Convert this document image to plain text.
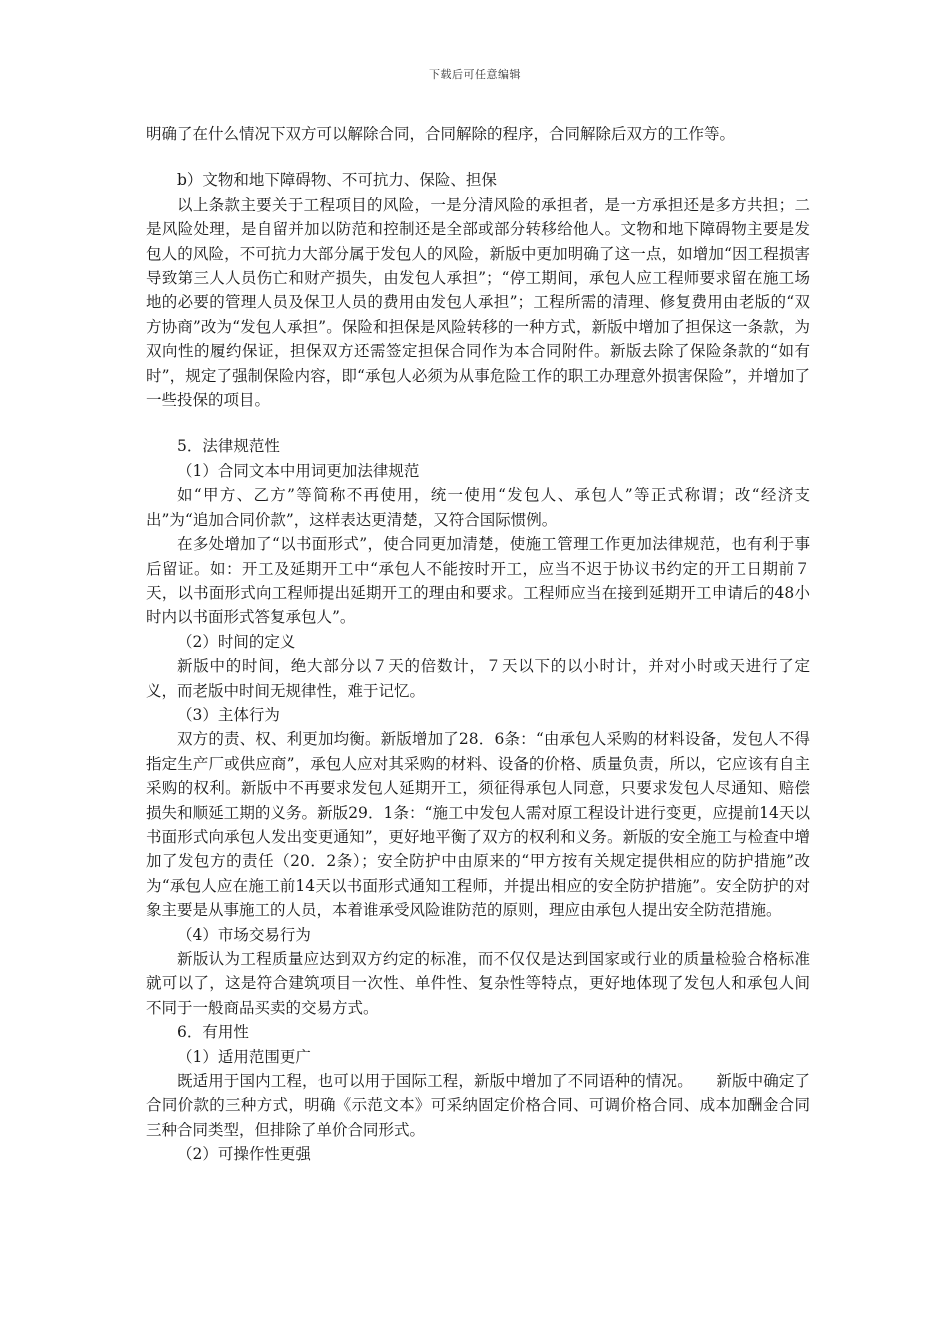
下载后可任意编辑

明确了在什么情况下双方可以解除合同，合同解除的程序，合同解除后双方的工作等。

b）文物和地下障碍物、不可抗力、保险、担保

以上条款主要关于工程项目的风险，一是分清风险的承担者，是一方承担还是多方共担；二是风险处理，是自留并加以防范和控制还是全部或部分转移给他人。文物和地下障碍物主要是发包人的风险，不可抗力大部分属于发包人的风险，新版中更加明确了这一点，如增加“因工程损害导致第三人人员伤亡和财产损失，由发包人承担”；“停工期间，承包人应工程师要求留在施工场地的必要的管理人员及保卫人员的费用由发包人承担”；工程所需的清理、修复费用由老版的“双方协商”改为“发包人承担”。保险和担保是风险转移的一种方式，新版中增加了担保这一条款，为双向性的履约保证，担保双方还需签定担保合同作为本合同附件。新版去除了保险条款的“如有时”，规定了强制保险内容，即“承包人必须为从事危险工作的职工办理意外损害保险”，并增加了一些投保的项目。

5．法律规范性

（1）合同文本中用词更加法律规范

如“甲方、乙方”等简称不再使用，统一使用“发包人、承包人”等正式称谓；改“经济支出”为“追加合同价款”，这样表达更清楚，又符合国际惯例。

在多处增加了“以书面形式”，使合同更加清楚，使施工管理工作更加法律规范，也有利于事后留证。如：开工及延期开工中“承包人不能按时开工，应当不迟于协议书约定的开工日期前７天，以书面形式向工程师提出延期开工的理由和要求。工程师应当在接到延期开工申请后的48小时内以书面形式答复承包人”。

（2）时间的定义

新版中的时间，绝大部分以７天的倍数计，７天以下的以小时计，并对小时或天进行了定义，而老版中时间无规律性，难于记忆。

（3）主体行为

双方的责、权、利更加均衡。新版增加了28．6条：“由承包人采购的材料设备，发包人不得指定生产厂或供应商”，承包人应对其采购的材料、设备的价格、质量负责，所以，它应该有自主采购的权利。新版中不再要求发包人延期开工，须征得承包人同意，只要求发包人尽通知、赔偿损失和顺延工期的义务。新版29．1条：“施工中发包人需对原工程设计进行变更，应提前14天以书面形式向承包人发出变更通知”，更好地平衡了双方的权利和义务。新版的安全施工与检查中增加了发包方的责任（20．2条）；安全防护中由原来的“甲方按有关规定提供相应的防护措施”改为“承包人应在施工前14天以书面形式通知工程师，并提出相应的安全防护措施”。安全防护的对象主要是从事施工的人员，本着谁承受风险谁防范的原则，理应由承包人提出安全防范措施。

（4）市场交易行为

新版认为工程质量应达到双方约定的标准，而不仅仅是达到国家或行业的质量检验合格标准就可以了，这是符合建筑项目一次性、单件性、复杂性等特点，更好地体现了发包人和承包人间不同于一般商品买卖的交易方式。

6．有用性

（1）适用范围更广

既适用于国内工程，也可以用于国际工程，新版中增加了不同语种的情况。　　新版中确定了合同价款的三种方式，明确《示范文本》可采纳固定价格合同、可调价格合同、成本加酬金合同三种合同类型，但排除了单价合同形式。

（2）可操作性更强
